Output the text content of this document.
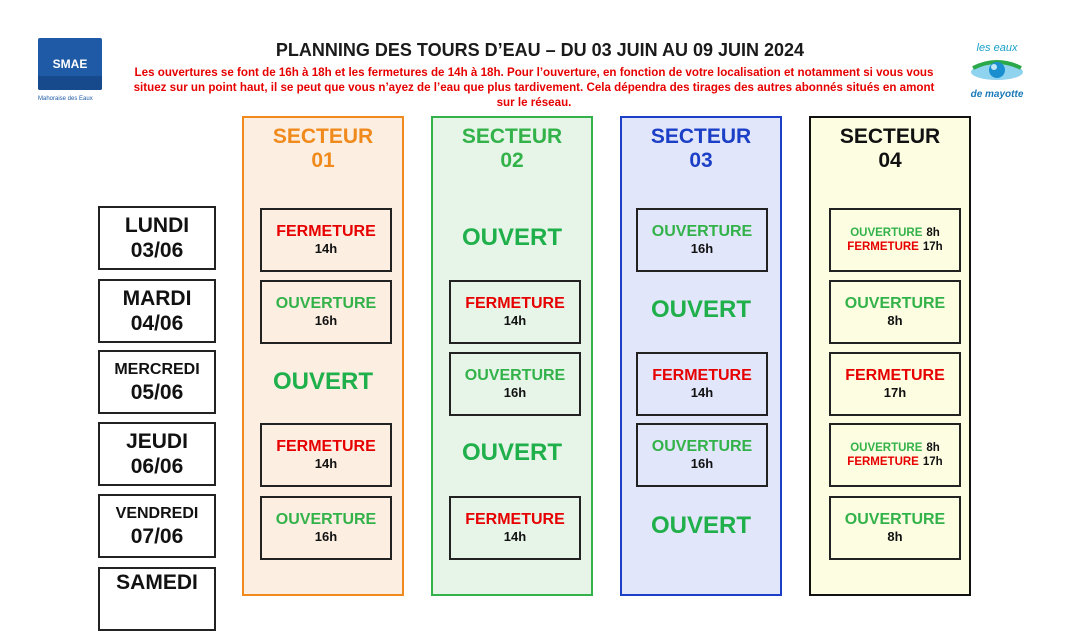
SMAE
Mahoraise des Eaux
les eaux
de mayotte
PLANNING DES TOURS D’EAU – DU 03 JUIN AU 09 JUIN 2024
Les ouvertures se font de 16h à 18h et les fermetures de 14h à 18h. Pour l’ouverture, en fonction de votre localisation et notamment si vous vous situez sur un point haut, il se peut que vous n’ayez de l’eau que plus tardivement. Cela dépendra des tirages des autres abonnés situés en amont sur le réseau.
SECTEUR
01
SECTEUR
02
SECTEUR
03
SECTEUR
04
LUNDI
03/06
MARDI
04/06
MERCREDI
05/06
JEUDI
06/06
VENDREDI
07/06
SAMEDI
FERMETURE
14h
OUVERTURE
16h
OUVERT
FERMETURE
14h
OUVERTURE
16h
OUVERT
FERMETURE
14h
OUVERTURE
16h
OUVERT
FERMETURE
14h
OUVERTURE
16h
OUVERT
FERMETURE
14h
OUVERTURE
16h
OUVERT
OUVERTURE 8h
FERMETURE 17h
OUVERTURE
8h
FERMETURE
17h
OUVERTURE 8h
FERMETURE 17h
OUVERTURE
8h
